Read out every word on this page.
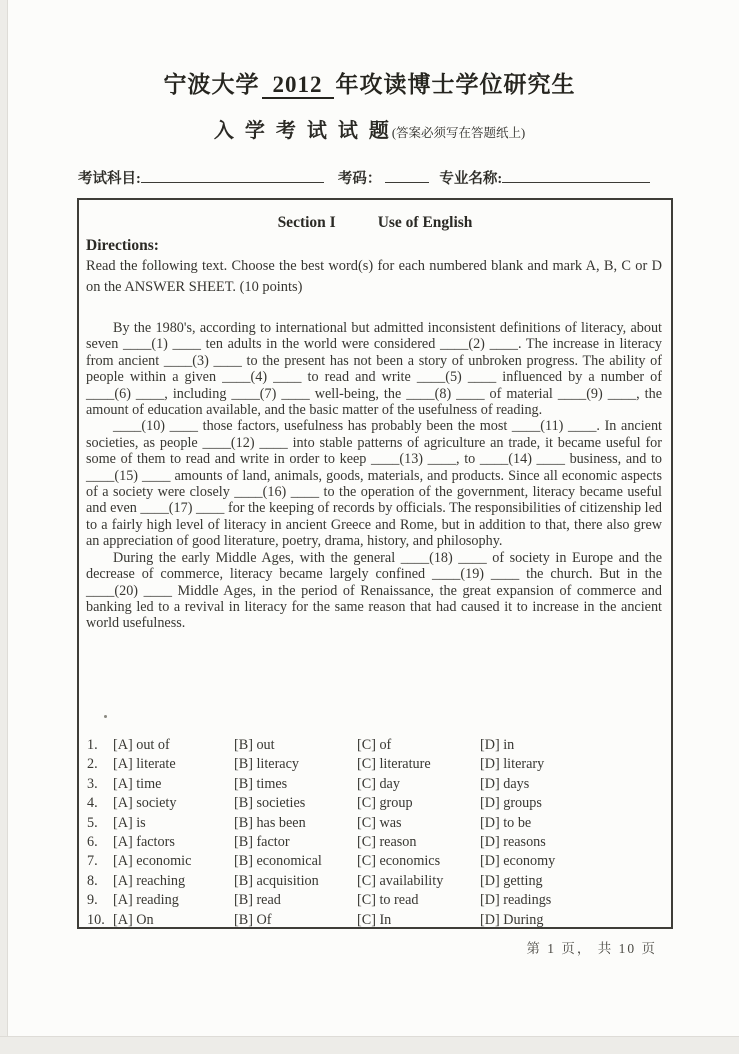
宁波大学 2012 年攻读博士学位研究生
入 学 考 试 试 题(答案必须写在答题纸上)
考试科目:	考码：	专业名称:
Section I	Use of English
Directions:
Read the following text. Choose the best word(s) for each numbered blank and mark A, B, C or D on the ANSWER SHEET. (10 points)

By the 1980's, according to international but admitted inconsistent definitions of literacy, about seven ____(1) ____ ten adults in the world were considered ____(2) ____. The increase in literacy from ancient ____(3) ____ to the present has not been a story of unbroken progress. The ability of people within a given ____(4) ____ to read and write ____(5) ____ influenced by a number of ____(6) ____, including ____(7) ____ well-being, the ____(8) ____ of material ____(9) ____, the amount of education available, and the basic matter of the usefulness of reading.

____(10) ____ those factors, usefulness has probably been the most ____(11) ____. In ancient societies, as people ____(12) ____ into stable patterns of agriculture an trade, it became useful for some of them to read and write in order to keep ____(13) ____, to ____(14) ____ business, and to ____(15) ____ amounts of land, animals, goods, materials, and products. Since all economic aspects of a society were closely ____(16) ____ to the operation of the government, literacy became useful and even ____(17) ____ for the keeping of records by officials. The responsibilities of citizenship led to a fairly high level of literacy in ancient Greece and Rome, but in addition to that, there also grew an appreciation of good literature, poetry, drama, history, and philosophy.

During the early Middle Ages, with the general ____(18) ____ of society in Europe and the decrease of commerce, literacy became largely confined ____(19) ____ the church. But in the ____(20) ____ Middle Ages, in the period of Renaissance, the great expansion of commerce and banking led to a revival in literacy for the same reason that had caused it to increase in the ancient world usefulness.

1.	[A] out of	[B] out	[C] of	[D] in
2.	[A] literate	[B] literacy	[C] literature	[D] literary
3.	[A] time	[B] times	[C] day	[D] days
4.	[A] society	[B] societies	[C] group	[D] groups
5.	[A] is	[B] has been	[C] was	[D] to be
6.	[A] factors	[B] factor	[C] reason	[D] reasons
7.	[A] economic	[B] economical	[C] economics	[D] economy
8.	[A] reaching	[B] acquisition	[C] availability	[D] getting
9.	[A] reading	[B] read	[C] to read	[D] readings
10. [A] On	[B] Of	[C] In	[D] During
第 1 页， 共 10 页
